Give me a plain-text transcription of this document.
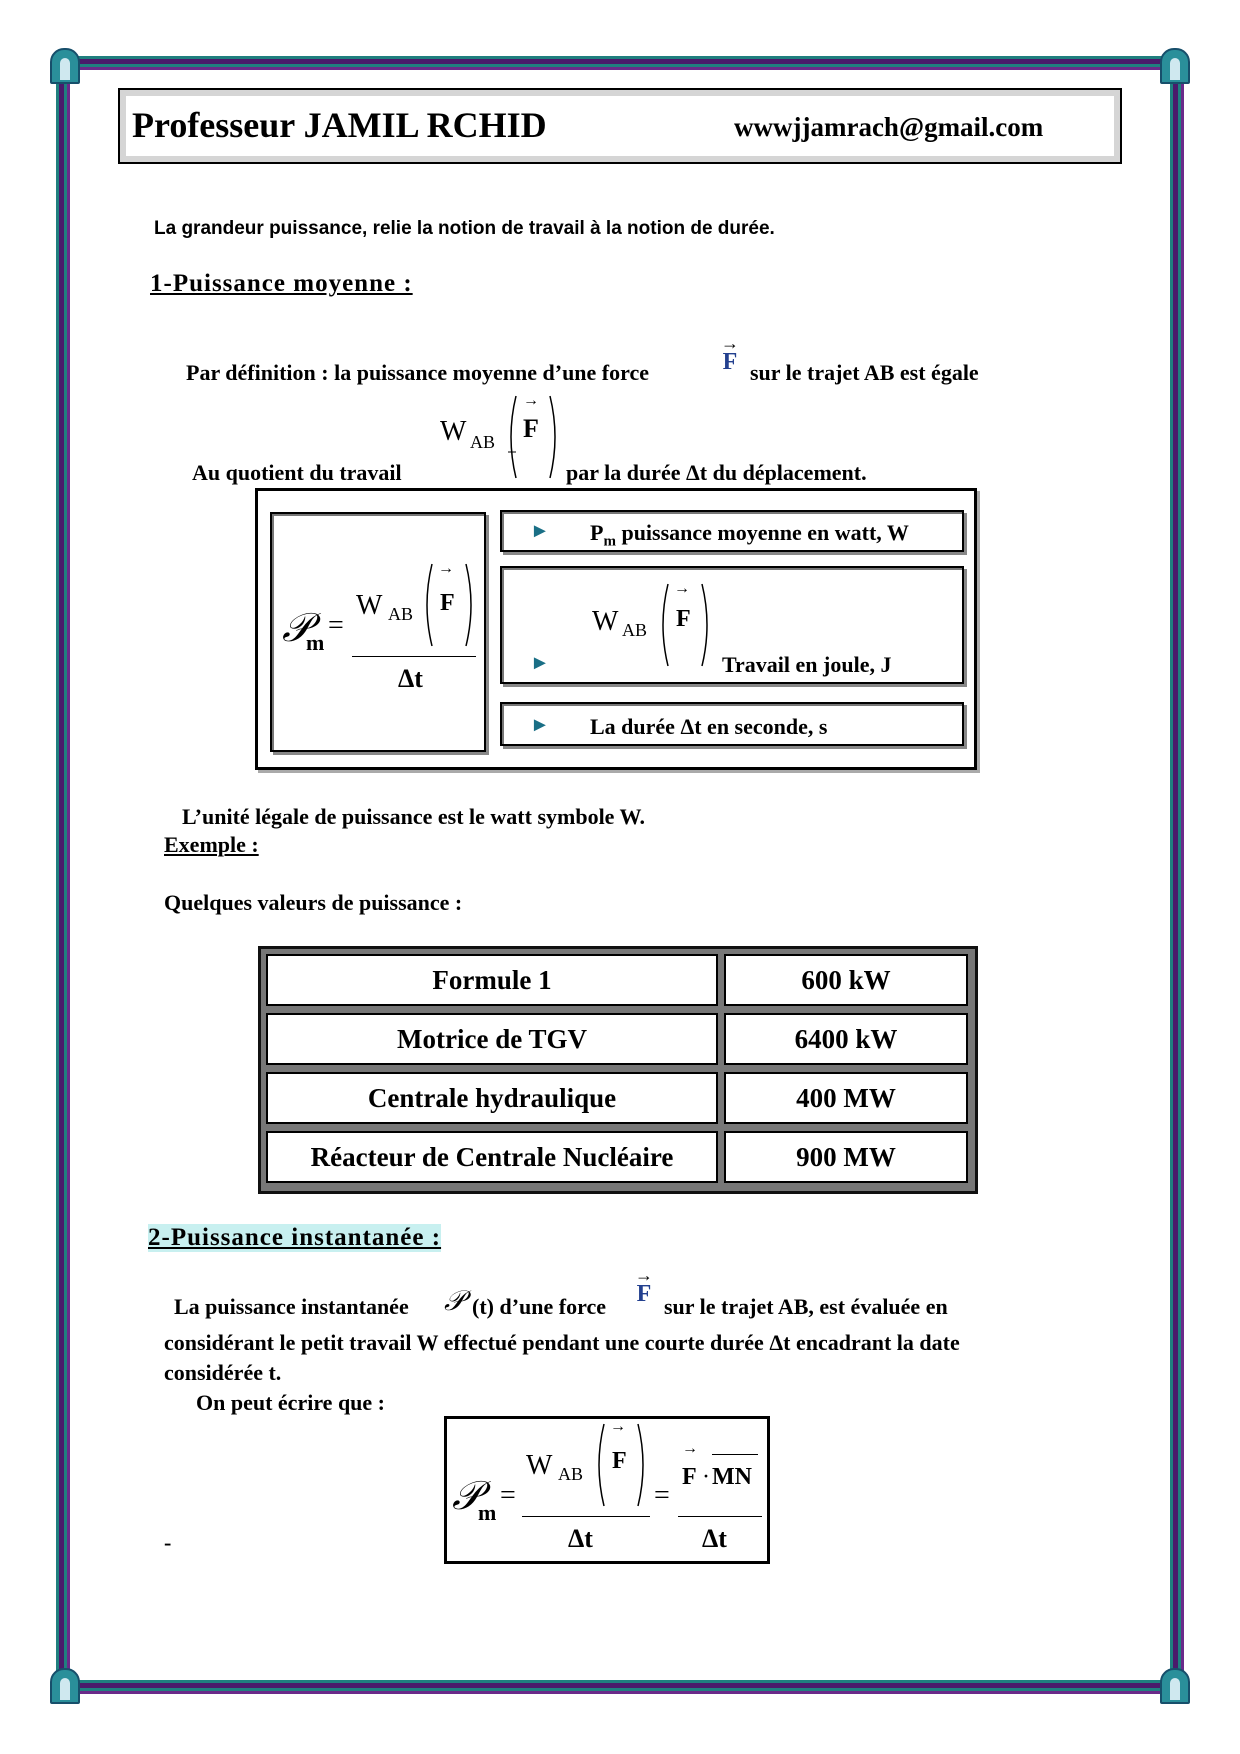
Professeur JAMIL RCHID	wwwjjamrach@gmail.com
La grandeur puissance, relie la notion de travail à la notion de durée.
1-Puissance moyenne :
Par définition : la puissance moyenne d’une force
→
F sur le trajet AB est égale
W AB
→
F
Au quotient du travail	par la durée Δt du déplacement.
𝒫
m
=
W AB
→
F
Δt
► $P_m$ puissance moyenne en watt, W
W AB
→
F
►	Travail en joule, J
► La durée Δt en seconde, s
L’unité légale de puissance est le watt symbole W.
Exemple :
Quelques valeurs de puissance :
Formule 1	600 kW
Motrice de TGV	6400 kW
Centrale hydraulique	400 MW
Réacteur de Centrale Nucléaire	900 MW
2-Puissance instantanée :
La puissance instantanée 𝒫 (t) d’une force
→
F sur le trajet AB, est évaluée en
considérant le petit travail W effectué pendant une courte durée Δt encadrant la date
considérée t.
On peut écrire que :
𝒫
m
=
W AB
→
F
Δt
=
→
F · MN
Δt
-
